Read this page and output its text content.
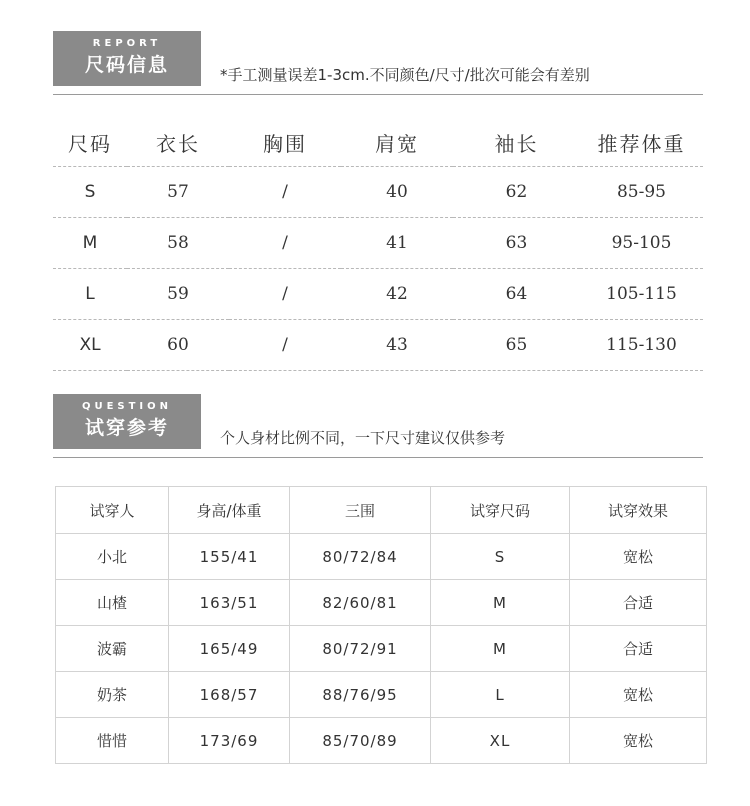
REPORT
尺码信息	*手工测量误差1-3cm.不同颜色/尺寸/批次可能会有差别
尺码	衣长	胸围	肩宽	袖长	推荐体重
S	57	/	40	62	85-95
M	58	/	41	63	95-105
L	59	/	42	64	105-115
XL	60	/	43	65	115-130
QUESTION
试穿参考	个人身材比例不同，一下尺寸建议仅供参考
试穿人	身高/体重	三围	试穿尺码	试穿效果
小北	155/41	80/72/84	S	宽松
山楂	163/51	82/60/81	M	合适
波霸	165/49	80/72/91	M	合适
奶茶	168/57	88/76/95	L	宽松
惜惜	173/69	85/70/89	XL	宽松
